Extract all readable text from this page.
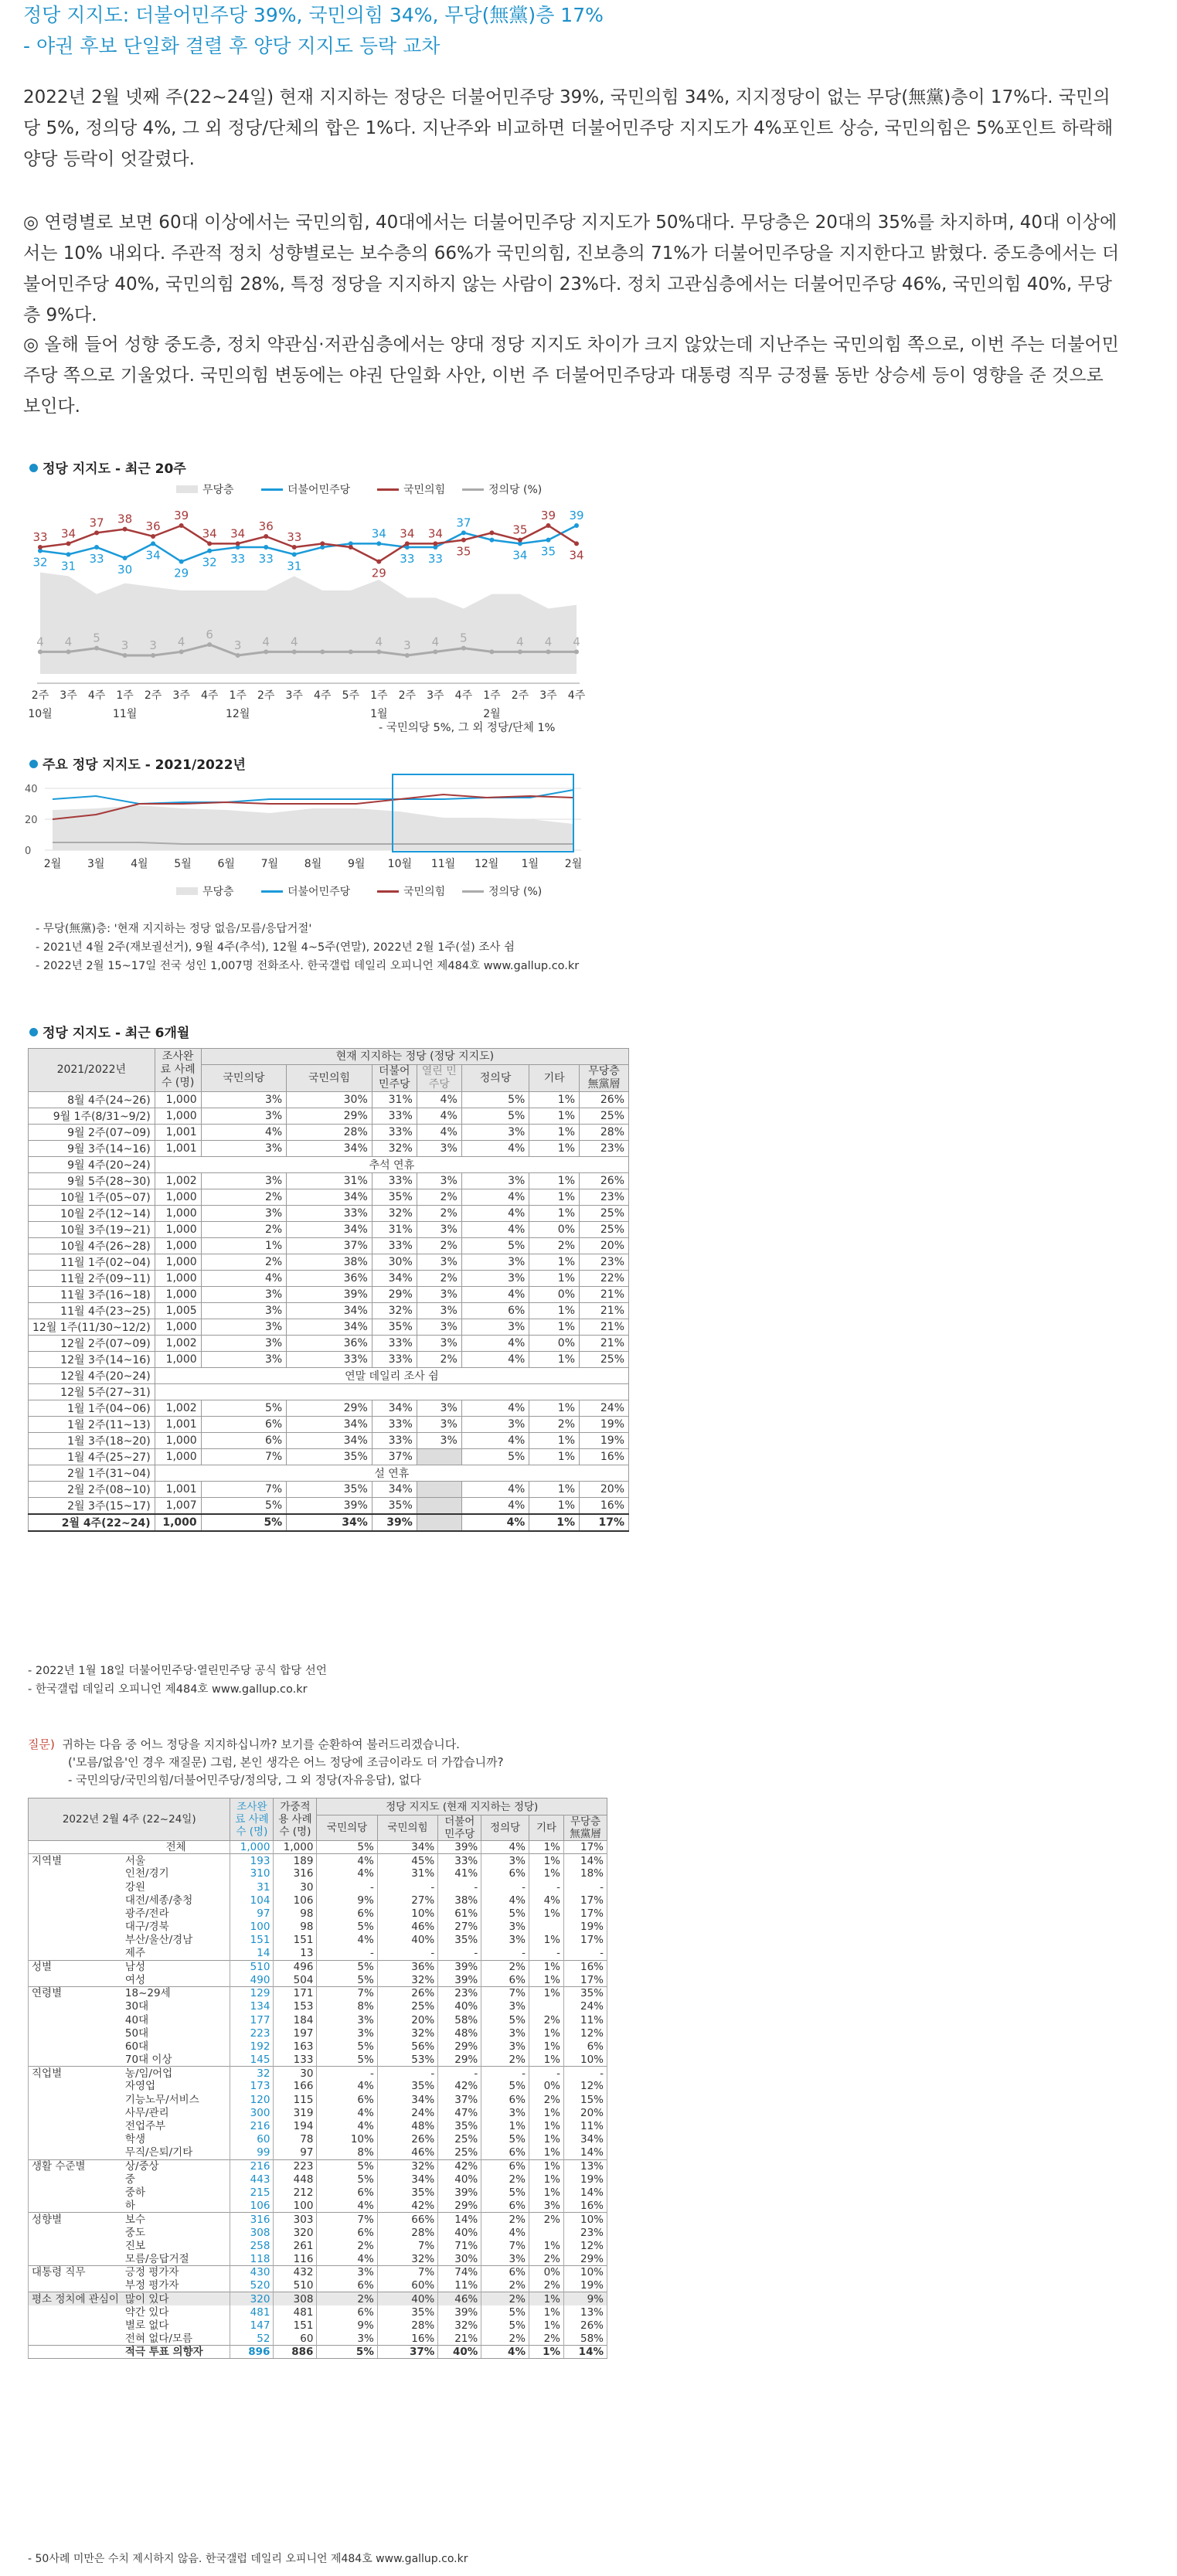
정당 지지도: 더불어민주당 39%, 국민의힘 34%, 무당(無黨)층 17%
- 야권 후보 단일화 결렬 후 양당 지지도 등락 교차
2022년 2월 넷째 주(22~24일) 현재 지지하는 정당은 더불어민주당 39%, 국민의힘 34%, 지지정당이 없는 무당(無黨)층이 17%다. 국민의당 5%, 정의당 4%, 그 외 정당/단체의 합은 1%다. 지난주와 비교하면 더불어민주당 지지도가 4%포인트 상승, 국민의힘은 5%포인트 하락해 양당 등락이 엇갈렸다.
◎ 연령별로 보면 60대 이상에서는 국민의힘, 40대에서는 더불어민주당 지지도가 50%대다. 무당층은 20대의 35%를 차지하며, 40대 이상에서는 10% 내외다. 주관적 정치 성향별로는 보수층의 66%가 국민의힘, 진보층의 71%가 더불어민주당을 지지한다고 밝혔다. 중도층에서는 더불어민주당 40%, 국민의힘 28%, 특정 정당을 지지하지 않는 사람이 23%다. 정치 고관심층에서는 더불어민주당 46%, 국민의힘 40%, 무당층 9%다.
◎ 올해 들어 성향 중도층, 정치 약관심·저관심층에서는 양대 정당 지지도 차이가 크지 않았는데 지난주는 국민의힘 쪽으로, 이번 주는 더불어민주당 쪽으로 기울었다. 국민의힘 변동에는 야권 단일화 사안, 이번 주 더불어민주당과 대통령 직무 긍정률 동반 상승세 등이 영향을 준 것으로 보인다.
정당 지지도 - 최근 20주
무당층	더불어민주당	국민의힘	정의당 (%)
32 31
33
30
34
29
32 33 33
31
34
33 33
37
34 35
39
33 34
37 38
36
39
34 34
36
33
29
34 34
35
35
39
34
4 4 5
3 3 4
6
3 4 4	4 3 4 5	4 4 4
2주 3주 4주 1주 2주 3주 4주 1주 2주 3주 4주 5주 1주 2주 3주 4주 1주 2주 3주 4주
10월	11월	12월	1월	2월
- 국민의당 5%, 그 외 정당/단체 1%
주요 정당 지지도 - 2021/2022년
40
20
0
2월 3월 4월 5월 6월 7월 8월 9월 10월 11월 12월 1월 2월
무당층	더불어민주당	국민의힘	정의당 (%)
- 무당(無黨)층: '현재 지지하는 정당 없음/모름/응답거절'
- 2021년 4월 2주(재보궐선거), 9월 4주(추석), 12월 4~5주(연말), 2022년 2월 1주(설) 조사 쉼
- 2022년 2월 15~17일 전국 성인 1,007명 전화조사. 한국갤럽 데일리 오피니언 제484호 www.gallup.co.kr
정당 지지도 - 최근 6개월
2021/2022년	조사완료 사례수 (명)	현재 지지하는 정당 (정당 지지도)						
		국민의당	국민의힘	더불어 민주당	열린 민주당	정의당	기타	무당층 無黨層
8월 4주(24~26)	1,000	3%	30%	31%	4%	5%	1%	26%
9월 1주(8/31~9/2)	1,000	3%	29%	33%	4%	5%	1%	25%
9월 2주(07~09)	1,001	4%	28%	33%	4%	3%	1%	28%
9월 3주(14~16)	1,001	3%	34%	32%	3%	4%	1%	23%
9월 4주(20~24)	추석 연휴							
9월 5주(28~30)	1,002	3%	31%	33%	3%	3%	1%	26%
10월 1주(05~07)	1,000	2%	34%	35%	2%	4%	1%	23%
10월 2주(12~14)	1,000	3%	33%	32%	2%	4%	1%	25%
10월 3주(19~21)	1,000	2%	34%	31%	3%	4%	0%	25%
10월 4주(26~28)	1,000	1%	37%	33%	2%	5%	2%	20%
11월 1주(02~04)	1,000	2%	38%	30%	3%	3%	1%	23%
11월 2주(09~11)	1,000	4%	36%	34%	2%	3%	1%	22%
11월 3주(16~18)	1,000	3%	39%	29%	3%	4%	0%	21%
11월 4주(23~25)	1,005	3%	34%	32%	3%	6%	1%	21%
12월 1주(11/30~12/2)	1,000	3%	34%	35%	3%	3%	1%	21%
12월 2주(07~09)	1,002	3%	36%	33%	3%	4%	0%	21%
12월 3주(14~16)	1,000	3%	33%	33%	2%	4%	1%	25%
12월 4주(20~24)	연말 데일리 조사 쉼							
12월 5주(27~31)								
1월 1주(04~06)	1,002	5%	29%	34%	3%	4%	1%	24%
1월 2주(11~13)	1,001	6%	34%	33%	3%	3%	2%	19%
1월 3주(18~20)	1,000	6%	34%	33%	3%	4%	1%	19%
1월 4주(25~27)	1,000	7%	35%	37%		5%	1%	16%
2월 1주(31~04)	설 연휴							
2월 2주(08~10)	1,001	7%	35%	34%		4%	1%	20%
2월 3주(15~17)	1,007	5%	39%	35%		4%	1%	16%
2월 4주(22~24)	1,000	5%	34%	39%		4%	1%	17%
- 2022년 1월 18일 더불어민주당·열린민주당 공식 합당 선언
- 한국갤럽 데일리 오피니언 제484호 www.gallup.co.kr
질문) 귀하는 다음 중 어느 정당을 지지하십니까? 보기를 순환하여 불러드리겠습니다.
('모름/없음'인 경우 재질문) 그럼, 본인 생각은 어느 정당에 조금이라도 더 가깝습니까?
- 국민의당/국민의힘/더불어민주당/정의당, 그 외 정당(자유응답), 없다
2022년 2월 4주 (22~24일)		조사완료 사례수 (명)	가중적용 사례수 (명)	정당 지지도 (현재 지지하는 정당)					
				국민의당	국민의힘	더불어 민주당	정의당	기타	무당층 無黨層
	전체	1,000	1,000	5%	34%	39%	4%	1%	17%
지역별	서울	193	189	4%	45%	33%	3%	1%	14%
	인천/경기	310	316	4%	31%	41%	6%	1%	18%
	강원	31	30	-	-	-	-	-	-
	대전/세종/충청	104	106	9%	27%	38%	4%	4%	17%
	광주/전라	97	98	6%	10%	61%	5%	1%	17%
	대구/경북	100	98	5%	46%	27%	3%		19%
	부산/울산/경남	151	151	4%	40%	35%	3%	1%	17%
	제주	14	13	-	-	-	-	-	-
성별	남성	510	496	5%	36%	39%	2%	1%	16%
	여성	490	504	5%	32%	39%	6%	1%	17%
연령별	18~29세	129	171	7%	26%	23%	7%	1%	35%
	30대	134	153	8%	25%	40%	3%		24%
	40대	177	184	3%	20%	58%	5%	2%	11%
	50대	223	197	3%	32%	48%	3%	1%	12%
	60대	192	163	5%	56%	29%	3%	1%	6%
	70대 이상	145	133	5%	53%	29%	2%	1%	10%
직업별	농/임/어업	32	30	-	-	-	-	-	-
	자영업	173	166	4%	35%	42%	5%	0%	12%
	기능노무/서비스	120	115	6%	34%	37%	6%	2%	15%
	사무/관리	300	319	4%	24%	47%	3%	1%	20%
	전업주부	216	194	4%	48%	35%	1%	1%	11%
	학생	60	78	10%	26%	25%	5%	1%	34%
	무직/은퇴/기타	99	97	8%	46%	25%	6%	1%	14%
생활 수준별	상/중상	216	223	5%	32%	42%	6%	1%	13%
	중	443	448	5%	34%	40%	2%	1%	19%
	중하	215	212	6%	35%	39%	5%	1%	14%
	하	106	100	4%	42%	29%	6%	3%	16%
성향별	보수	316	303	7%	66%	14%	2%	2%	10%
	중도	308	320	6%	28%	40%	4%		23%
	진보	258	261	2%	7%	71%	7%	1%	12%
	모름/응답거절	118	116	4%	32%	30%	3%	2%	29%
대통령 직무	긍정 평가자	430	432	3%	7%	74%	6%	0%	10%
	부정 평가자	520	510	6%	60%	11%	2%	2%	19%
평소 정치에 관심이	많이 있다	320	308	2%	40%	46%	2%	1%	9%
	약간 있다	481	481	6%	35%	39%	5%	1%	13%
	별로 없다	147	151	9%	28%	32%	5%	1%	26%
	전혀 없다/모름	52	60	3%	16%	21%	2%	2%	58%
	적극 투표 의향자	896	886	5%	37%	40%	4%	1%	14%
- 50사례 미만은 수치 제시하지 않음. 한국갤럽 데일리 오피니언 제484호 www.gallup.co.kr
